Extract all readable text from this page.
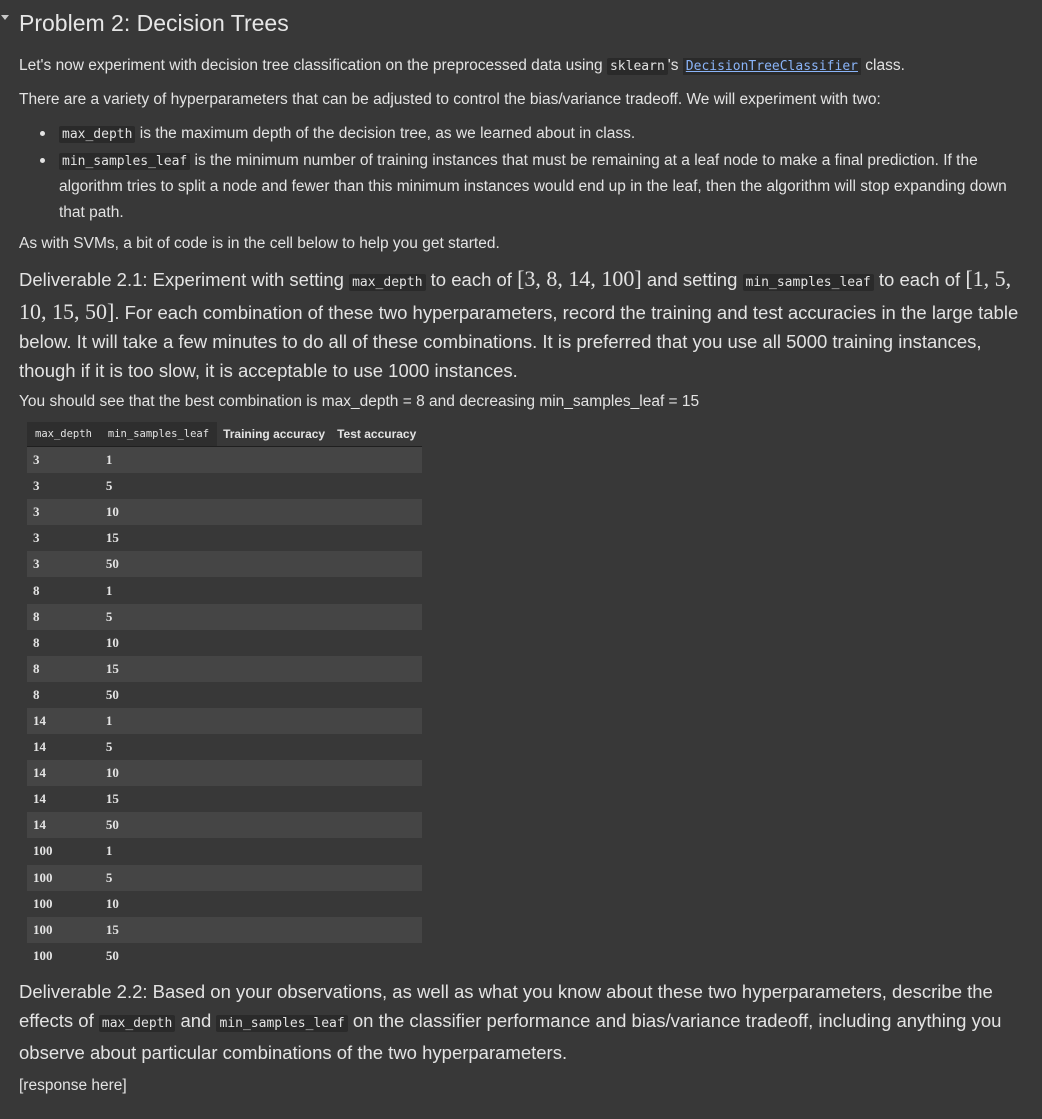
Problem 2: Decision Trees

Let's now experiment with decision tree classification on the preprocessed data using sklearn 's DecisionTreeClassifier class.

There are a variety of hyperparameters that can be adjusted to control the bias/variance tradeoff. We will experiment with two:

max_depth is the maximum depth of the decision tree, as we learned about in class.
min_samples_leaf is the minimum number of training instances that must be remaining at a leaf node to make a final prediction. If the algorithm tries to split a node and fewer than this minimum instances would end up in the leaf, then the algorithm will stop expanding down that path.

As with SVMs, a bit of code is in the cell below to help you get started.

Deliverable 2.1: Experiment with setting max_depth to each of [3, 8, 14, 100] and setting min_samples_leaf to each of [1, 5, 10, 15, 50]. For each combination of these two hyperparameters, record the training and test accuracies in the large table below. It will take a few minutes to do all of these combinations. It is preferred that you use all 5000 training instances, though if it is too slow, it is acceptable to use 1000 instances.

You should see that the best combination is max_depth = 8 and decreasing min_samples_leaf = 15

max_depth	min_samples_leaf	Training accuracy	Test accuracy
3	1		
3	5		
3	10		
3	15		
3	50		
8	1		
8	5		
8	10		
8	15		
8	50		
14	1		
14	5		
14	10		
14	15		
14	50		
100	1		
100	5		
100	10		
100	15		
100	50		

Deliverable 2.2: Based on your observations, as well as what you know about these two hyperparameters, describe the effects of max_depth and min_samples_leaf on the classifier performance and bias/variance tradeoff, including anything you observe about particular combinations of the two hyperparameters.

[response here]
